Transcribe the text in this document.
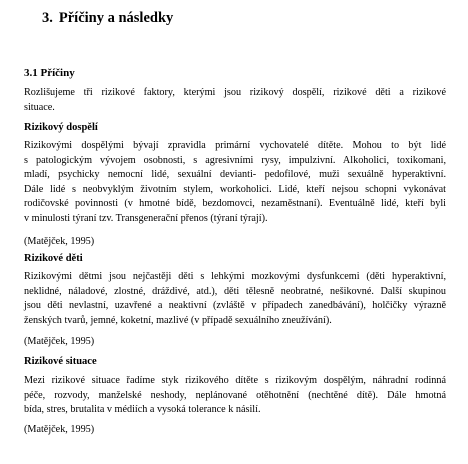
3. Příčiny a následky
3.1 Příčiny
Rozlišujeme tři rizikové faktory, kterými jsou rizikový dospělí, rizikové děti a rizikové
situace.
Rizikový dospělí
Rizikovými dospělými bývají zpravidla primární vychovatelé dítěte. Mohou to být lidé
s patologickým vývojem osobnosti, s agresivními rysy, impulzivní. Alkoholici, toxikomani,
mladí, psychicky nemocní lidé, sexuální devianti- pedofilové, muži sexuálně hyperaktivní.
Dále lidé s neobvyklým životním stylem, workoholici. Lidé, kteří nejsou schopni vykonávat
rodičovské povinnosti (v hmotné bídě, bezdomovci, nezaměstnaní). Eventuálně lidé, kteří byli
v minulosti týraní tzv. Transgenerační přenos (týraní týrají).
(Matějček, 1995)
Rizikové děti
Rizikovými dětmi jsou nejčastěji děti s lehkými mozkovými dysfunkcemi (děti hyperaktivní,
neklidné, náladové, zlostné, dráždivé, atd.), děti tělesně neobratné, nešikovné. Další skupinou
jsou děti nevlastní, uzavřené a neaktivní (zvláště v případech zanedbávání), holčičky výrazně
ženských tvarů, jemné, koketní, mazlivé (v případě sexuálního zneužívání).
(Matějček, 1995)
Rizikové situace
Mezi rizikové situace řadíme styk rizikového dítěte s rizikovým dospělým, náhradní rodinná
péče, rozvody, manželské neshody, neplánované otěhotnění (nechtěné dítě). Dále hmotná
bída, stres, brutalita v médiích a vysoká tolerance k násilí.
(Matějček, 1995)
